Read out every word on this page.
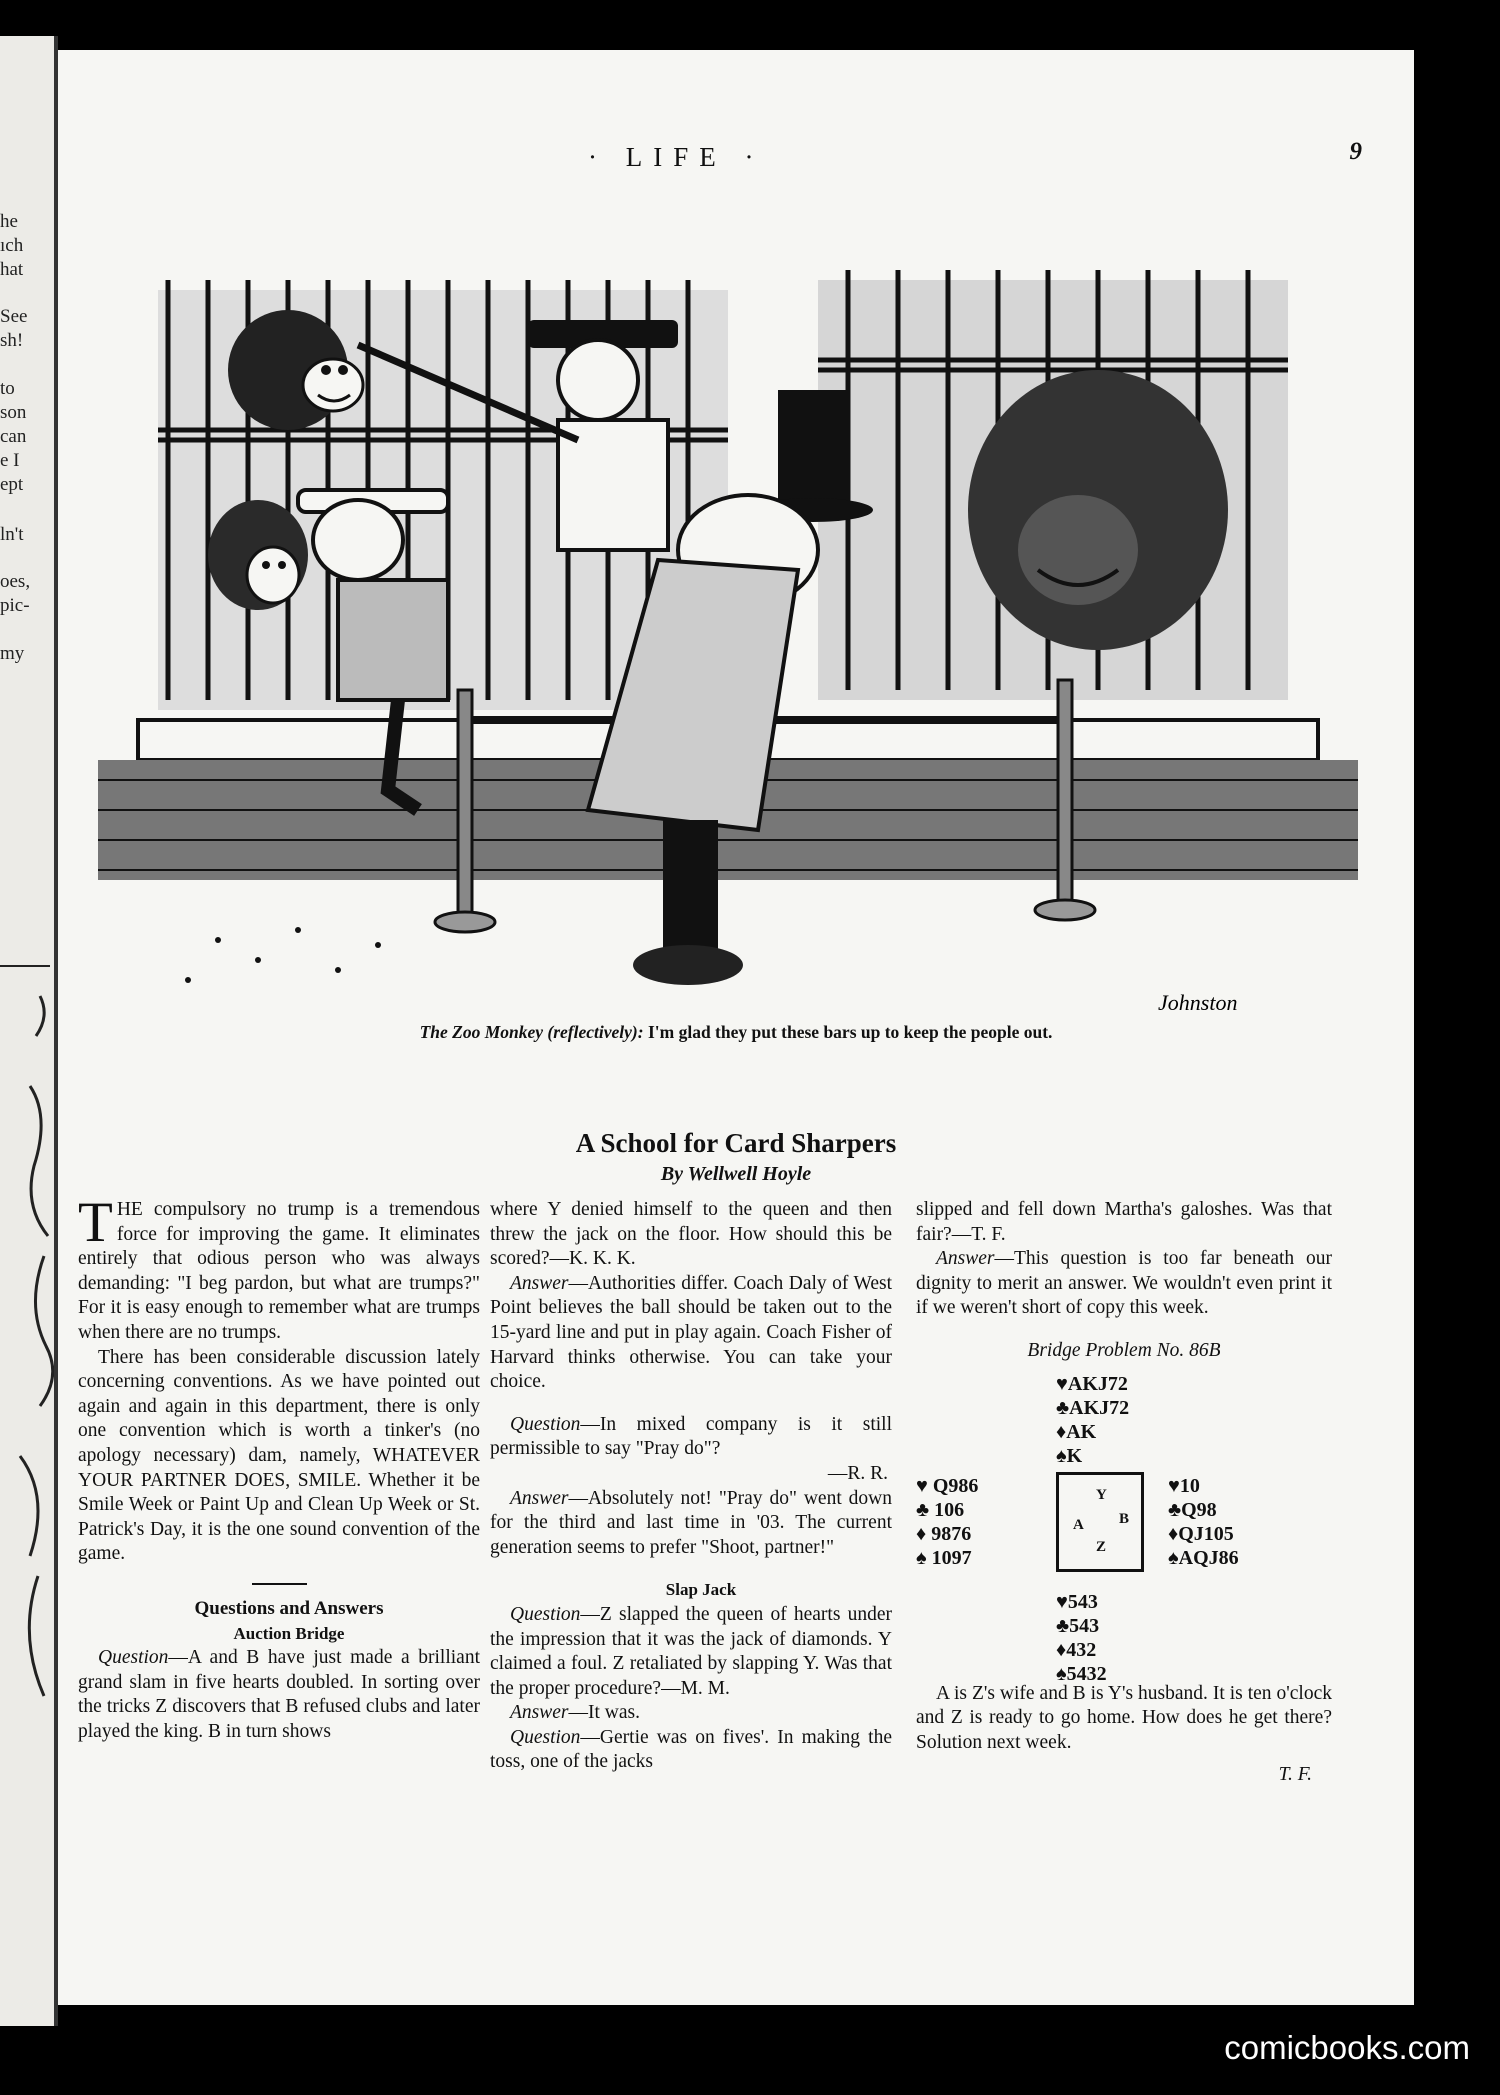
he
ıch
hat
See
sh!
to
son
can
e I
ept
ln't
oes,
pic-
my
· LIFE ·	9
Johnston
The Zoo Monkey (reflectively): I'm glad they put these bars up to keep the people out.
A School for Card Sharpers
By Wellwell Hoyle

THE compulsory no trump is a tremendous force for improving the game. It eliminates entirely that odious person who was always demanding: "I beg pardon, but what are trumps?" For it is easy enough to remember what are trumps when there are no trumps.

There has been considerable discussion lately concerning conventions. As we have pointed out again and again in this department, there is only one convention which is worth a tinker's (no apology necessary) dam, namely, WHATEVER YOUR PARTNER DOES, SMILE. Whether it be Smile Week or Paint Up and Clean Up Week or St. Patrick's Day, it is the one sound convention of the game.

Questions and Answers

Auction Bridge

Question—A and B have just made a brilliant grand slam in five hearts doubled. In sorting over the tricks Z discovers that B refused clubs and later played the king. B in turn shows

where Y denied himself to the queen and then threw the jack on the floor. How should this be scored?—K. K. K.

Answer—Authorities differ. Coach Daly of West Point believes the ball should be taken out to the 15-yard line and put in play again. Coach Fisher of Harvard thinks otherwise. You can take your choice.

Question—In mixed company is it still permissible to say "Pray do"?

—R. R.

Answer—Absolutely not! "Pray do" went down for the third and last time in '03. The current generation seems to prefer "Shoot, partner!"

Slap Jack

Question—Z slapped the queen of hearts under the impression that it was the jack of diamonds. Y claimed a foul. Z retaliated by slapping Y. Was that the proper procedure?—M. M.

Answer—It was.

Question—Gertie was on fives'. In making the toss, one of the jacks

slipped and fell down Martha's galoshes. Was that fair?—T. F.

Answer—This question is too far beneath our dignity to merit an answer. We wouldn't even print it if we weren't short of copy this week.

Bridge Problem No. 86B
♥AKJ72
♣AKJ72
♦AK
♠K
♥ Q986
♣ 106
♦ 9876
♠ 1097
Y
A B
Z
♥10
♣Q98
♦QJ105
♠AQJ86
♥543
♣543
♦432
♠5432

A is Z's wife and B is Y's husband. It is ten o'clock and Z is ready to go home. How does he get there? Solution next week.

T. F.

comicbooks.com
